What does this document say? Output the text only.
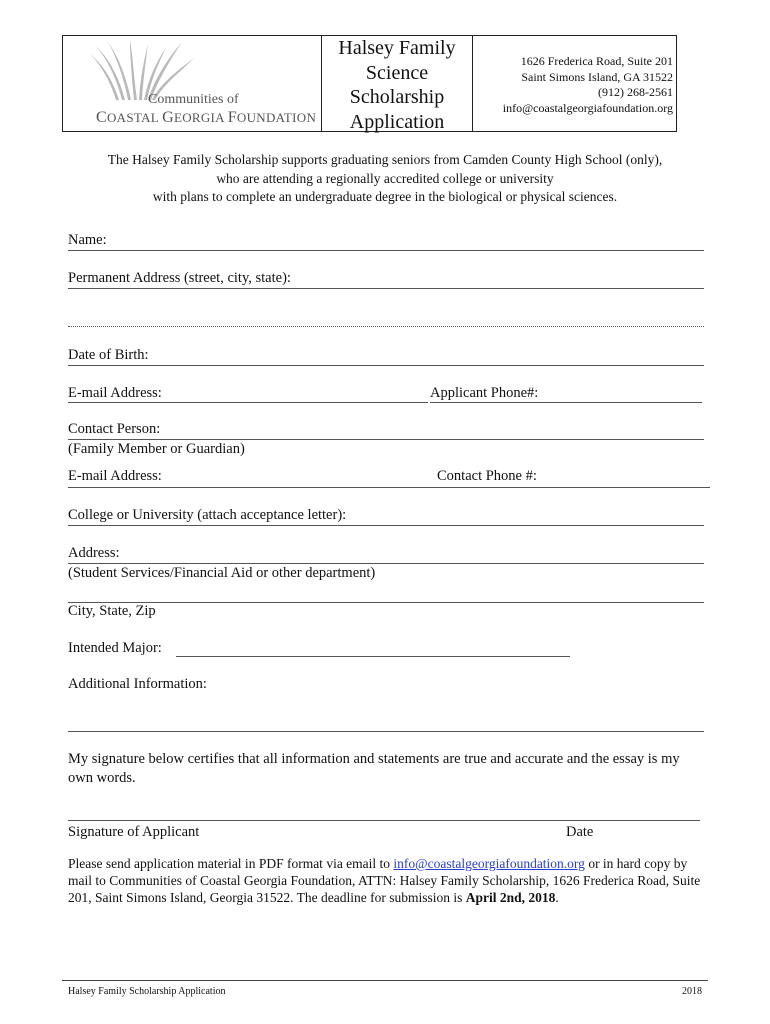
Communities of
COASTAL GEORGIA FOUNDATION
Halsey Family
Science
Scholarship
Application
1626 Frederica Road, Suite 201
Saint Simons Island, GA 31522
(912) 268-2561
info@coastalgeorgiafoundation.org
The Halsey Family Scholarship supports graduating seniors from Camden County High School (only),
who are attending a regionally accredited college or university
with plans to complete an undergraduate degree in the biological or physical sciences.
Name:
Permanent Address (street, city, state):
Date of Birth:
E-mail Address:	Applicant Phone#:
Contact Person:
(Family Member or Guardian)
E-mail Address:	Contact Phone #:
College or University (attach acceptance letter):
Address:
(Student Services/Financial Aid or other department)
City, State, Zip
Intended Major:
Additional Information:
My signature below certifies that all information and statements are true and accurate and the essay is my own words.
Signature of Applicant	Date
Please send application material in PDF format via email to info@coastalgeorgiafoundation.org or in hard copy by mail to Communities of Coastal Georgia Foundation, ATTN: Halsey Family Scholarship, 1626 Frederica Road, Suite 201, Saint Simons Island, Georgia 31522. The deadline for submission is April 2nd, 2018.
Halsey Family Scholarship Application	2018
